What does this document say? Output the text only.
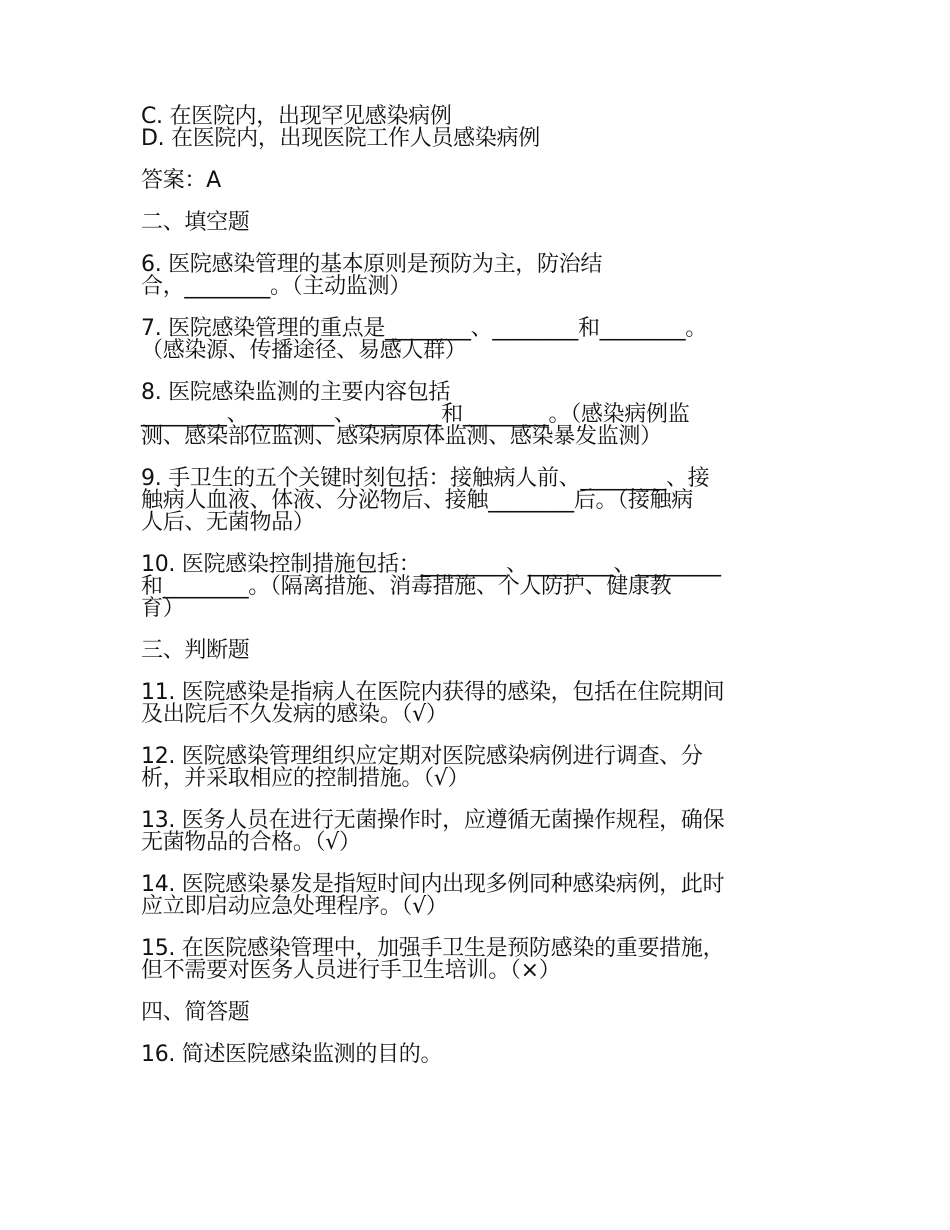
C. 在医院内，出现罕见感染病例
D. 在医院内，出现医院工作人员感染病例
答案：A
二、填空题
6. 医院感染管理的基本原则是预防为主，防治结
合，________。（主动监测）
7. 医院感染管理的重点是________、________和________。
（感染源、传播途径、易感人群）
8. 医院感染监测的主要内容包括
________、________、________和________。（感染病例监
测、感染部位监测、感染病原体监测、感染暴发监测）
9. 手卫生的五个关键时刻包括：接触病人前、________、接
触病人血液、体液、分泌物后、接触________后。（接触病
人后、无菌物品）
10. 医院感染控制措施包括：________、________、________
和________。（隔离措施、消毒措施、个人防护、健康教
育）
三、判断题
11. 医院感染是指病人在医院内获得的感染，包括在住院期间
及出院后不久发病的感染。（√）
12. 医院感染管理组织应定期对医院感染病例进行调查、分
析，并采取相应的控制措施。（√）
13. 医务人员在进行无菌操作时，应遵循无菌操作规程，确保
无菌物品的合格。（√）
14. 医院感染暴发是指短时间内出现多例同种感染病例，此时
应立即启动应急处理程序。（√）
15. 在医院感染管理中，加强手卫生是预防感染的重要措施，
但不需要对医务人员进行手卫生培训。（×）
四、简答题
16. 简述医院感染监测的目的。
